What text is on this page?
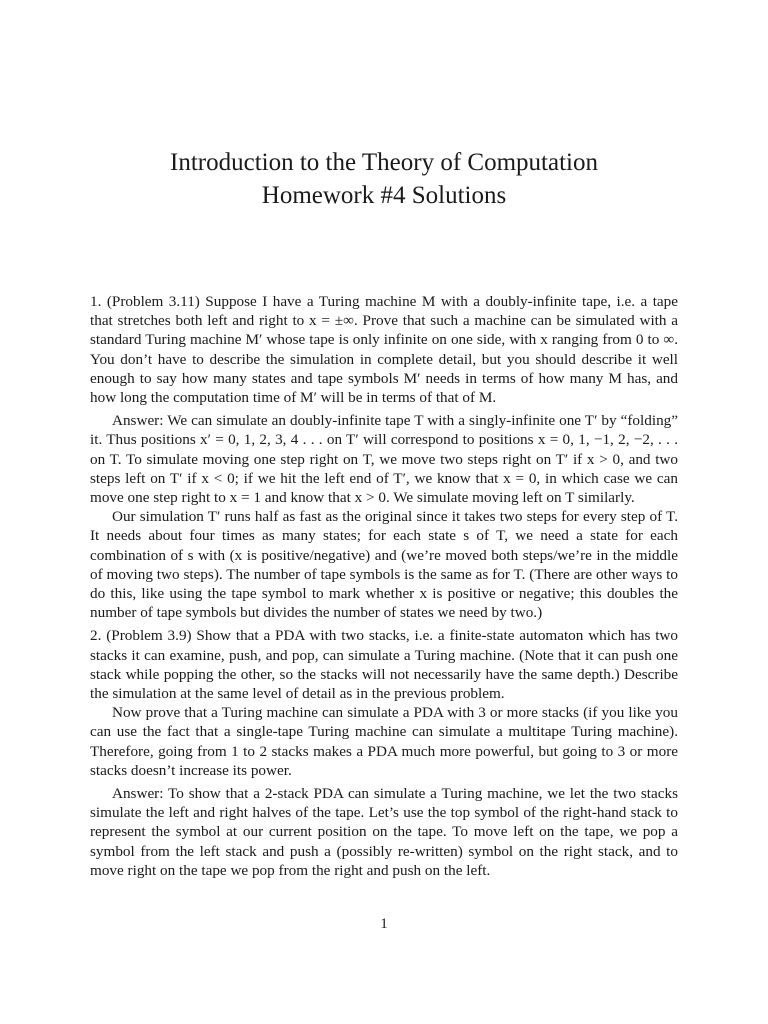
Introduction to the Theory of Computation
Homework #4 Solutions

1. (Problem 3.11) Suppose I have a Turing machine M with a doubly-infinite tape, i.e. a tape that stretches both left and right to x = ±∞. Prove that such a machine can be simulated with a standard Turing machine M′ whose tape is only infinite on one side, with x ranging from 0 to ∞. You don’t have to describe the simulation in complete detail, but you should describe it well enough to say how many states and tape symbols M′ needs in terms of how many M has, and how long the computation time of M′ will be in terms of that of M.

Answer: We can simulate an doubly-infinite tape T with a singly-infinite one T′ by “folding” it. Thus positions x′ = 0, 1, 2, 3, 4 . . . on T′ will correspond to positions x = 0, 1, −1, 2, −2, . . . on T. To simulate moving one step right on T, we move two steps right on T′ if x > 0, and two steps left on T′ if x < 0; if we hit the left end of T′, we know that x = 0, in which case we can move one step right to x = 1 and know that x > 0. We simulate moving left on T similarly.

Our simulation T′ runs half as fast as the original since it takes two steps for every step of T. It needs about four times as many states; for each state s of T, we need a state for each combination of s with (x is positive/negative) and (we’re moved both steps/we’re in the middle of moving two steps). The number of tape symbols is the same as for T. (There are other ways to do this, like using the tape symbol to mark whether x is positive or negative; this doubles the number of tape symbols but divides the number of states we need by two.)

2. (Problem 3.9) Show that a PDA with two stacks, i.e. a finite-state automaton which has two stacks it can examine, push, and pop, can simulate a Turing machine. (Note that it can push one stack while popping the other, so the stacks will not necessarily have the same depth.) Describe the simulation at the same level of detail as in the previous problem.

Now prove that a Turing machine can simulate a PDA with 3 or more stacks (if you like you can use the fact that a single-tape Turing machine can simulate a multitape Turing machine). Therefore, going from 1 to 2 stacks makes a PDA much more powerful, but going to 3 or more stacks doesn’t increase its power.

Answer: To show that a 2-stack PDA can simulate a Turing machine, we let the two stacks simulate the left and right halves of the tape. Let’s use the top symbol of the right-hand stack to represent the symbol at our current position on the tape. To move left on the tape, we pop a symbol from the left stack and push a (possibly re-written) symbol on the right stack, and to move right on the tape we pop from the right and push on the left.

1
